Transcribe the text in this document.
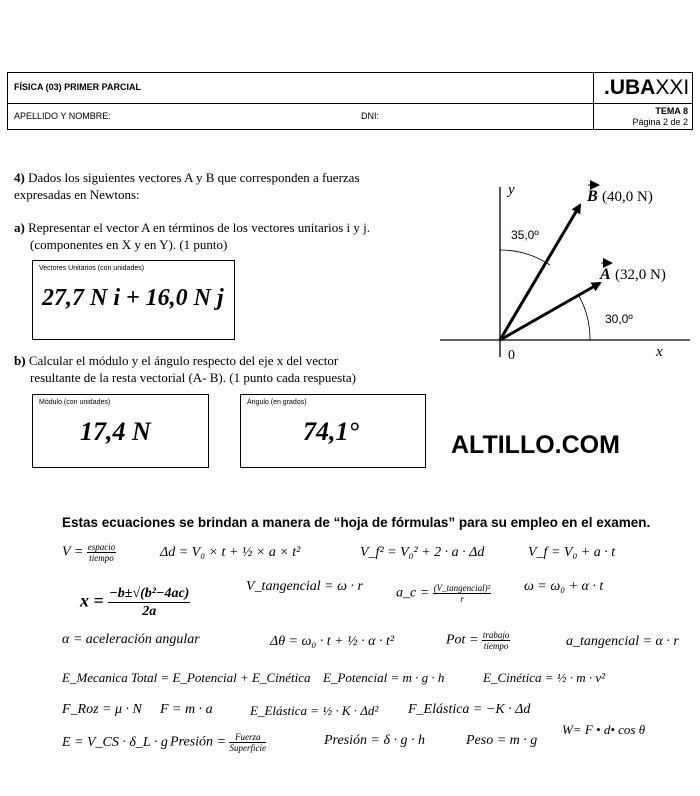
FÍSICA (03) PRIMER PARCIAL
APELLIDO Y NOMBRE:	DNI:
.UBAXXI
TEMA 8
Página 2 de 2
4) Dados los siguientes vectores A y B que corresponden a fuerzas
expresadas en Newtons:
a) Representar el vector A en términos de los vectores unitarios i y j.
(componentes en X y en Y). (1 punto)
Vectores Unitarios (con unidades)
27,7 N i + 16,0 N j
b) Calcular el módulo y el ángulo respecto del eje x del vector
resultante de la resta vectorial (A- B). (1 punto cada respuesta)
Módulo (con unidades)
17,4 N
Ángulo (en grados)
74,1°
y
x
0
B (40,0 N)
A (32,0 N)
35,0º
30,0º
ALTILLO.COM
Estas ecuaciones se brindan a manera de “hoja de fórmulas” para su empleo en el examen.
V = espacio
tiempo	Δd = V₀ × t + ½ × a × t²	V_f² = V₀² + 2 · a · Δd	V_f = V₀ + a · t
$x = \frac{\text{−b±√(b²−4ac)}}{2a}$	V_tangencial = ω · r a_c = (V_tangencial)²
r
ω = ω₀ + α · t
α = aceleración angular	Δθ = ω₀ · t + ½ · α · t²	Pot = trabajo
tiempo	a_tangencial = α · r
E_Mecanica Total = E_Potencial + E_Cinética E_Potencial = m · g · h	E_Cinética = ½ · m · v²
F_Roz = μ · N F = m · a	E_Elástica = ½ · K · Δd² F_Elástica = −K · Δd
E = V_CS · δ_L · g Presión =	Fuerza
Superficie	Presión = δ · g · h	Peso = m · g
W= F • d• cos θ
